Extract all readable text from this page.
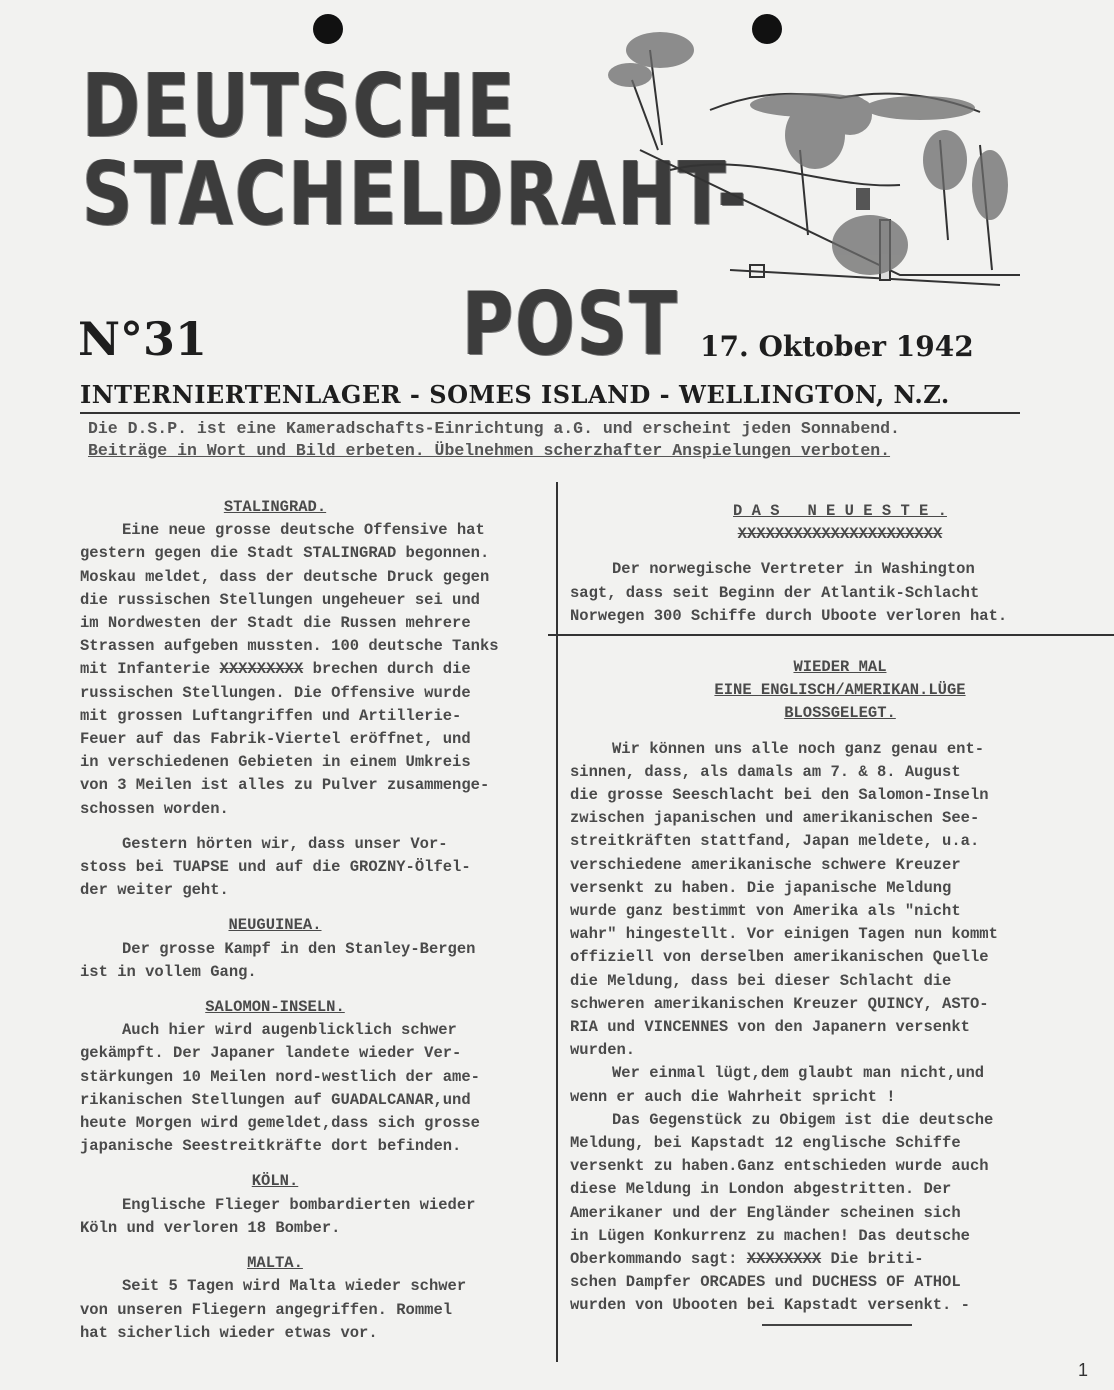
DEUTSCHE
STACHELDRAHT-
POST
N°31	17. Oktober 1942
INTERNIERTENLAGER - SOMES ISLAND - WELLINGTON, N.Z.
Die D.S.P. ist eine Kameradschafts-Einrichtung a.G. und erscheint jeden Sonnabend.
Beiträge in Wort und Bild erbeten. Übelnehmen scherzhafter Anspielungen verboten.

STALINGRAD.

Eine neue grosse deutsche Offensive hat

gestern gegen die Stadt STALINGRAD begonnen.

Moskau meldet, dass der deutsche Druck gegen

die russischen Stellungen ungeheuer sei und

im Nordwesten der Stadt die Russen mehrere

Strassen aufgeben mussten. 100 deutsche Tanks

mit Infanterie XXXXXXXXX brechen durch die

russischen Stellungen. Die Offensive wurde

mit grossen Luftangriffen und Artillerie-

Feuer auf das Fabrik-Viertel eröffnet, und

in verschiedenen Gebieten in einem Umkreis

von 3 Meilen ist alles zu Pulver zusammenge-

schossen worden.

Gestern hörten wir, dass unser Vor-

stoss bei TUAPSE und auf die GROZNY-Ölfel-

der weiter geht.

NEUGUINEA.

Der grosse Kampf in den Stanley-Bergen

ist in vollem Gang.

SALOMON-INSELN.

Auch hier wird augenblicklich schwer

gekämpft. Der Japaner landete wieder Ver-

stärkungen 10 Meilen nord-westlich der ame-

rikanischen Stellungen auf GUADALCANAR,und

heute Morgen wird gemeldet,dass sich grosse

japanische Seestreitkräfte dort befinden.

KÖLN.

Englische Flieger bombardierten wieder

Köln und verloren 18 Bomber.

MALTA.

Seit 5 Tagen wird Malta wieder schwer

von unseren Fliegern angegriffen. Rommel

hat sicherlich wieder etwas vor.

D A S   N E U E S T E .

XXXXXXXXXXXXXXXXXXXXXX

Der norwegische Vertreter in Washington

sagt, dass seit Beginn der Atlantik-Schlacht

Norwegen 300 Schiffe durch Uboote verloren hat.

WIEDER MAL

EINE ENGLISCH/AMERIKAN.LÜGE

BLOSSGELEGT.

Wir können uns alle noch ganz genau ent-

sinnen, dass, als damals am 7. & 8. August

die grosse Seeschlacht bei den Salomon-Inseln

zwischen japanischen und amerikanischen See-

streitkräften stattfand, Japan meldete, u.a.

verschiedene amerikanische schwere Kreuzer

versenkt zu haben. Die japanische Meldung

wurde ganz bestimmt von Amerika als "nicht

wahr" hingestellt. Vor einigen Tagen nun kommt

offiziell von derselben amerikanischen Quelle

die Meldung, dass bei dieser Schlacht die

schweren amerikanischen Kreuzer QUINCY, ASTO-

RIA und VINCENNES von den Japanern versenkt

wurden.

Wer einmal lügt,dem glaubt man nicht,und

wenn er auch die Wahrheit spricht !

Das Gegenstück zu Obigem ist die deutsche

Meldung, bei Kapstadt 12 englische Schiffe

versenkt zu haben.Ganz entschieden wurde auch

diese Meldung in London abgestritten. Der

Amerikaner und der Engländer scheinen sich

in Lügen Konkurrenz zu machen! Das deutsche

Oberkommando sagt: XXXXXXXX Die briti-

schen Dampfer ORCADES und DUCHESS OF ATHOL

wurden von Ubooten bei Kapstadt versenkt. -

1
